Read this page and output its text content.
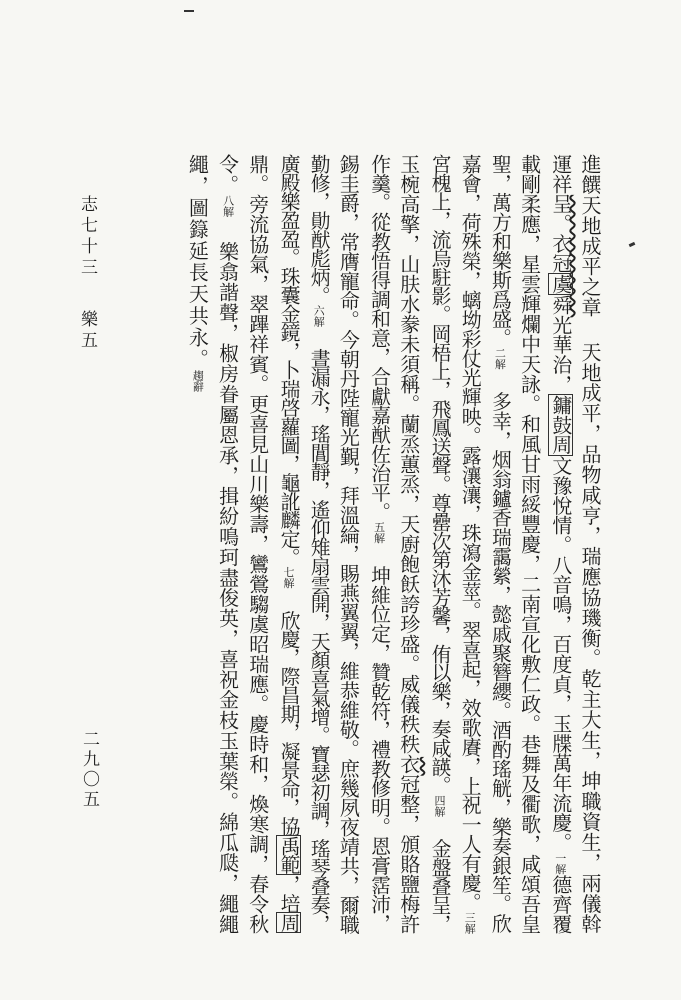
進饌天地成平之章 天地成平，品物咸亨，瑞應協璣衡。乾主大生，坤職資生，兩儀斡
運祥呈。衣冠虞舜光華治，鏞鼓周文豫悅情。八音鳴，百度貞，玉牒萬年流慶。一解德齊覆
載剛柔應，星雲輝爛中天詠。和風甘雨綏豐慶，二南宣化敷仁政。巷舞及衢歌，咸頌吾皇
聖，萬方和樂斯爲盛。二解 多幸，烟翁鑪香瑞靄縈，懿戚聚簪纓。酒酌瑤觥，樂奏銀笙。欣
嘉會，荷殊榮，螭坳彩仗光輝映。露瀼瀼，珠瀉金莖。翠喜起，效歌賡，上祝一人有慶。三解
宮槐上，流烏駐影。岡梧上，飛鳳送聲。尊罍次第沐芳馨，侑以樂，奏咸韺。四解 金盤叠呈，
玉椀高擎，山肤水豢未須稱。蘭烝蕙烝，天廚飽飫誇珍盛。威儀秩秩衣冠整，頒賂鹽梅許
作羹。從教悟得調和意，合獻嘉猷佐治平。五解 坤維位定，贊乾符，禮教修明。恩膏霑沛，
錫圭爵，常膺寵命。今朝丹陛寵光覲，拜溫綸，賜燕翼翼，維恭維敬。庶幾夙夜靖共，爾職
勤修，勛猷彪炳。六解 晝漏永，瑤閶靜，遙仰雉扇雲開，天顏喜氣增。寶瑟初調，瑤琴叠奏，
廣殿樂盈盈。珠囊金鏡，卜瑞啓蘿圖，龜訛麟定。七解 欣慶，際昌期，凝景命，協禹範，培周
鼎。旁流協氣，翠蹕祥賓。更喜見山川樂壽，鸞鶯騶虞昭瑞應。慶時和，煥寒調，春令秋
令。八解 樂翕諧聲，椒房眷屬恩承，揖紛鳴珂盡俊英，喜祝金枝玉葉榮。綿瓜瓞，繩繩
繩，圖籙延長天共永。趨辭
志七十三
樂五
二九〇五
